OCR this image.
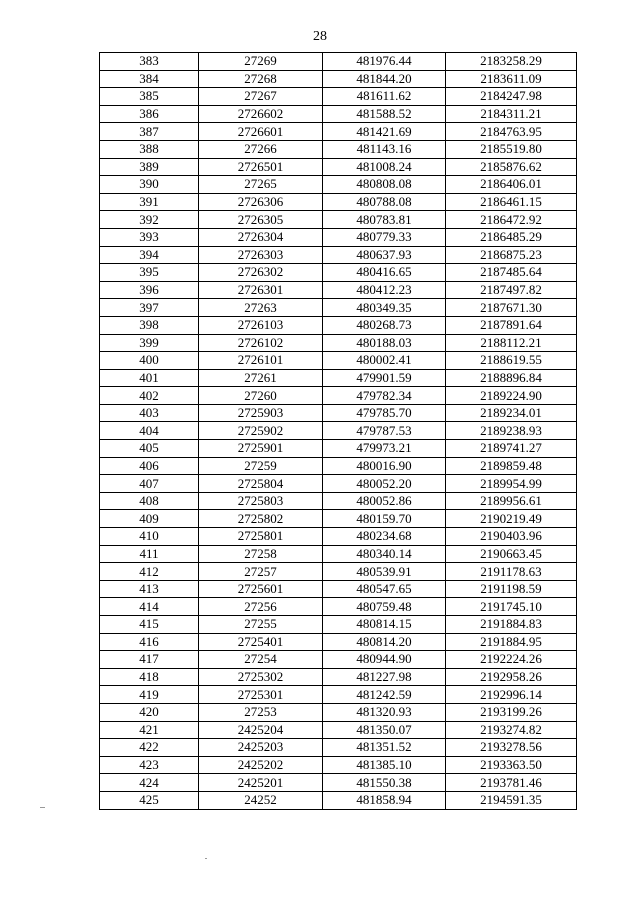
28
383	27269	481976.44	2183258.29
384	27268	481844.20	2183611.09
385	27267	481611.62	2184247.98
386	2726602	481588.52	2184311.21
387	2726601	481421.69	2184763.95
388	27266	481143.16	2185519.80
389	2726501	481008.24	2185876.62
390	27265	480808.08	2186406.01
391	2726306	480788.08	2186461.15
392	2726305	480783.81	2186472.92
393	2726304	480779.33	2186485.29
394	2726303	480637.93	2186875.23
395	2726302	480416.65	2187485.64
396	2726301	480412.23	2187497.82
397	27263	480349.35	2187671.30
398	2726103	480268.73	2187891.64
399	2726102	480188.03	2188112.21
400	2726101	480002.41	2188619.55
401	27261	479901.59	2188896.84
402	27260	479782.34	2189224.90
403	2725903	479785.70	2189234.01
404	2725902	479787.53	2189238.93
405	2725901	479973.21	2189741.27
406	27259	480016.90	2189859.48
407	2725804	480052.20	2189954.99
408	2725803	480052.86	2189956.61
409	2725802	480159.70	2190219.49
410	2725801	480234.68	2190403.96
411	27258	480340.14	2190663.45
412	27257	480539.91	2191178.63
413	2725601	480547.65	2191198.59
414	27256	480759.48	2191745.10
415	27255	480814.15	2191884.83
416	2725401	480814.20	2191884.95
417	27254	480944.90	2192224.26
418	2725302	481227.98	2192958.26
419	2725301	481242.59	2192996.14
420	27253	481320.93	2193199.26
421	2425204	481350.07	2193274.82
422	2425203	481351.52	2193278.56
423	2425202	481385.10	2193363.50
424	2425201	481550.38	2193781.46
425	24252	481858.94	2194591.35
